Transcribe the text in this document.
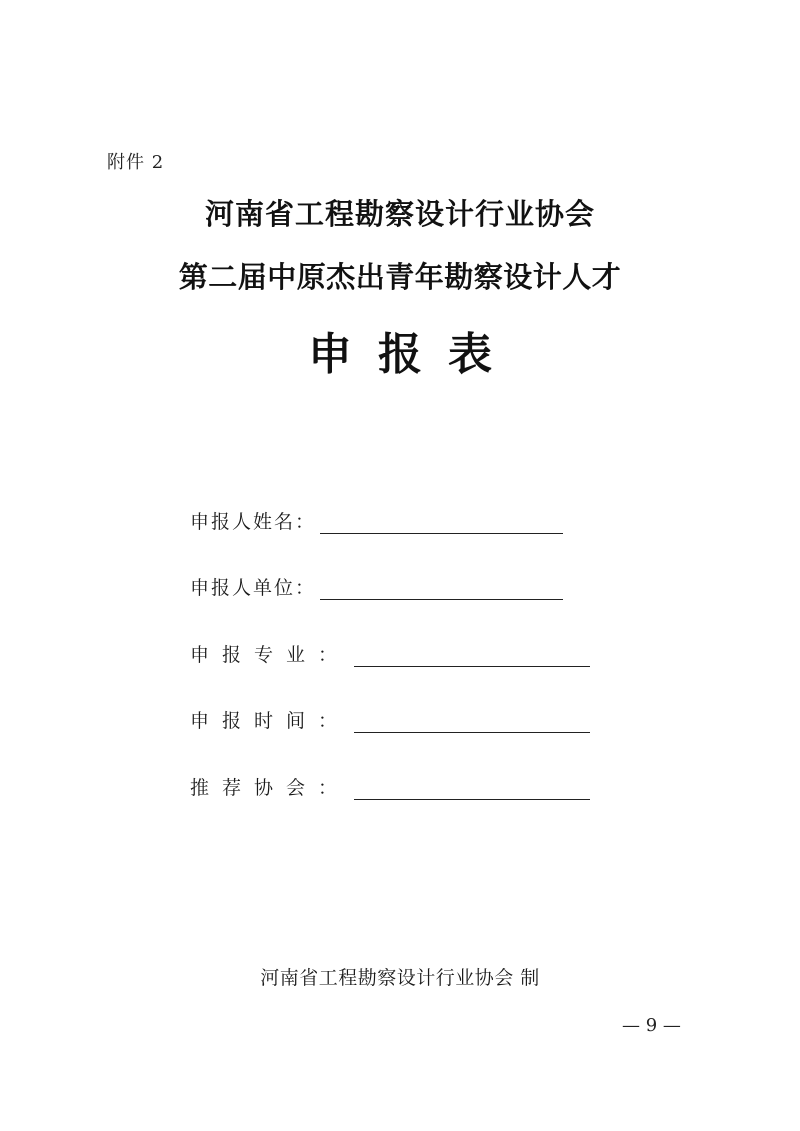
附件 2
河南省工程勘察设计行业协会
第二届中原杰出青年勘察设计人才
申报表
申报人姓名：
申报人单位：
申报专业：
申报时间：
推荐协会：
河南省工程勘察设计行业协会 制
— 9 —
